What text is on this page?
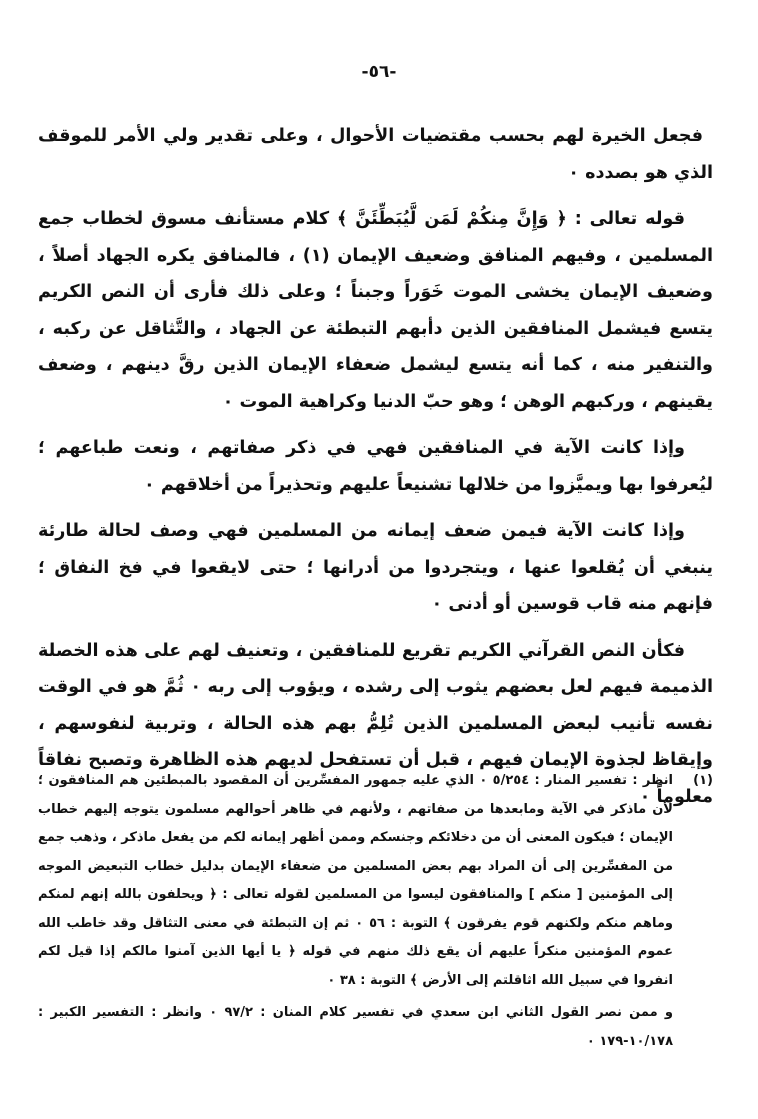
-٥٦-

فجعل الخيرة لهم بحسب مقتضيات الأحوال ، وعلى تقدير ولي الأمر للموقف الذي هو بصدده ٠

قوله تعالى : ﴿ وَإِنَّ مِنكُمْ لَمَن لَّيُبَطِّئَنَّ ﴾ كلام مستأنف مسوق لخطاب جمع المسلمين ، وفيهم المنافق وضعيف الإيمان (١) ، فالمنافق يكره الجهاد أصلاً ، وضعيف الإيمان يخشى الموت خَوَراً وجبناً ؛ وعلى ذلك فأرى أن النص الكريم يتسع فيشمل المنافقين الذين دأبهم التبطئة عن الجهاد ، والتَّثاقل عن ركبه ، والتنفير منه ، كما أنه يتسع ليشمل ضعفاء الإيمان الذين رقَّ دينهم ، وضعف يقينهم ، وركبهم الوهن ؛ وهو حبّ الدنيا وكراهية الموت ٠

وإذا كانت الآية في المنافقين فهي في ذكر صفاتهم ، ونعت طباعهم ؛ ليُعرفوا بها ويميَّزوا من خلالها تشنيعاً عليهم وتحذيراً من أخلاقهم ٠

وإذا كانت الآية فيمن ضعف إيمانه من المسلمين فهي وصف لحالة طارئة ينبغي أن يُقلعوا عنها ، ويتجردوا من أدرانها ؛ حتى لايقعوا في فخ النفاق ؛ فإنهم منه قاب قوسين أو أدنى ٠

فكأن النص القرآني الكريم تقريع للمنافقين ، وتعنيف لهم على هذه الخصلة الذميمة فيهم لعل بعضهم يثوب إلى رشده ، ويؤوب إلى ربه ٠ ثُمَّ هو في الوقت نفسه تأنيب لبعض المسلمين الذين تُلِمُّ بهم هذه الحالة ، وتربية لنفوسهم ، وإيقاظ لجذوة الإيمان فيهم ، قبل أن تستفحل لديهم هذه الظاهرة وتصبح نفاقاً معلوماً ٠

(١)
انظر : تفسير المنار : ٥/٢٥٤ ٠ الذي عليه جمهور المفسِّرين أن المقصود بالمبطئين هم المنافقون ؛ لأن ماذكر في الآية ومابعدها من صفاتهم ، ولأنهم في ظاهر أحوالهم مسلمون يتوجه إليهم خطاب الإيمان ؛ فيكون المعنى أن من دخلائكم وجنسكم وممن أظهر إيمانه لكم من يفعل ماذكر ، وذهب جمع من المفسِّرين إلى أن المراد بهم بعض المسلمين من ضعفاء الإيمان بدليل خطاب التبعيض الموجه إلى المؤمنين [ منكم ] والمنافقون ليسوا من المسلمين لقوله تعالى : ﴿ ويحلفون بالله إنهم لمنكم وماهم منكم ولكنهم قوم يفرقون ﴾ التوبة : ٥٦ ٠ ثم إن التبطئة في معنى التثاقل وقد خاطب الله عموم المؤمنين منكراً عليهم أن يقع ذلك منهم في قوله ﴿ يا أيها الذين آمنوا مالكم إذا قيل لكم انفروا في سبيل الله اثاقلتم إلى الأرض ﴾ التوبة : ٣٨ ٠
و ممن نصر القول الثاني ابن سعدي في تفسير كلام المنان : ٩٧/٢ ٠ وانظر : التفسير الكبير : ١٠/١٧٨-١٧٩ ٠
